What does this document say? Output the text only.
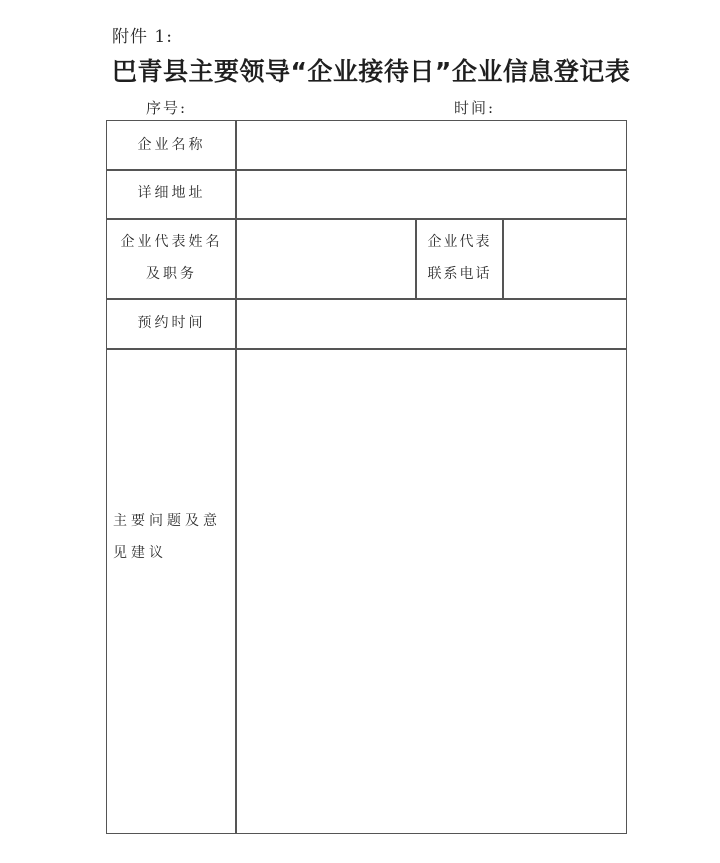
附件 1:
巴青县主要领导“企业接待日”企业信息登记表
序号:	时间:
企业名称
详细地址
企业代表姓名
及职务
企业代表
联系电话
预约时间
主要问题及意见建议
